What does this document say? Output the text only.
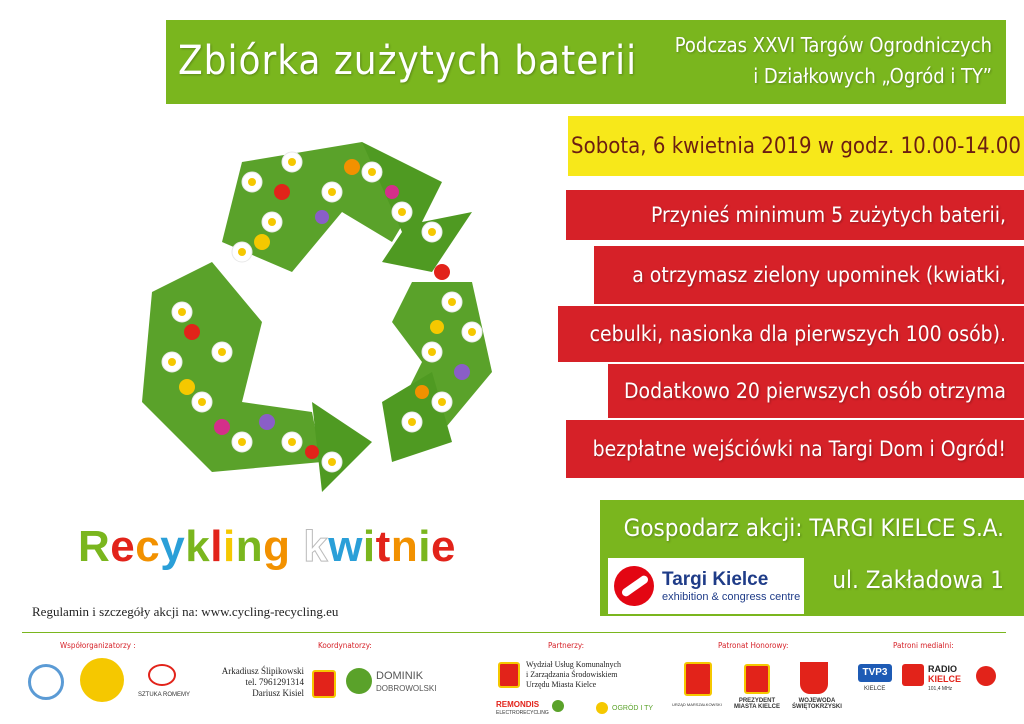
Zbiórka zużytych baterii Podczas XXVI Targów Ogrodniczych
i Działkowych „Ogród i TY”
Sobota, 6 kwietnia 2019 w godz. 10.00-14.00
Przynieś minimum 5 zużytych baterii,
a otrzymasz zielony upominek (kwiatki,
cebulki, nasionka dla pierwszych 100 osób).
Dodatkowo 20 pierwszych osób otrzyma
bezpłatne wejściówki na Targi Dom i Ogród!
Gospodarz akcji: TARGI KIELCE S.A.
ul. Zakładowa 1
Targi Kielce
exhibition & congress centre
Recykling kwitnie
Regulamin i szczegóły akcji na: www.cycling-recycling.eu
Współorganizatorzy :	Koordynatorzy:	Partnerzy:	Patronat Honorowy:	Patroni medialni:
SZTUKA ROMEMY
Arkadiusz Ślipikowski
tel. 7961291314
Dariusz Kisiel
DOMINIK
DOBROWOLSKI
Wydział Usług Komunalnych
i Zarządzania Środowiskiem
Urzędu Miasta Kielce
REMONDIS
ELECTRORECYCLING
OGRÓD I TY
URZĄD MARSZAŁKOWSKI
PREZYDENT
MIASTA KIELCE
WOJEWODA
ŚWIĘTOKRZYSKI
TVP3
KIELCE
RADIO
KIELCE
101,4 MHz
